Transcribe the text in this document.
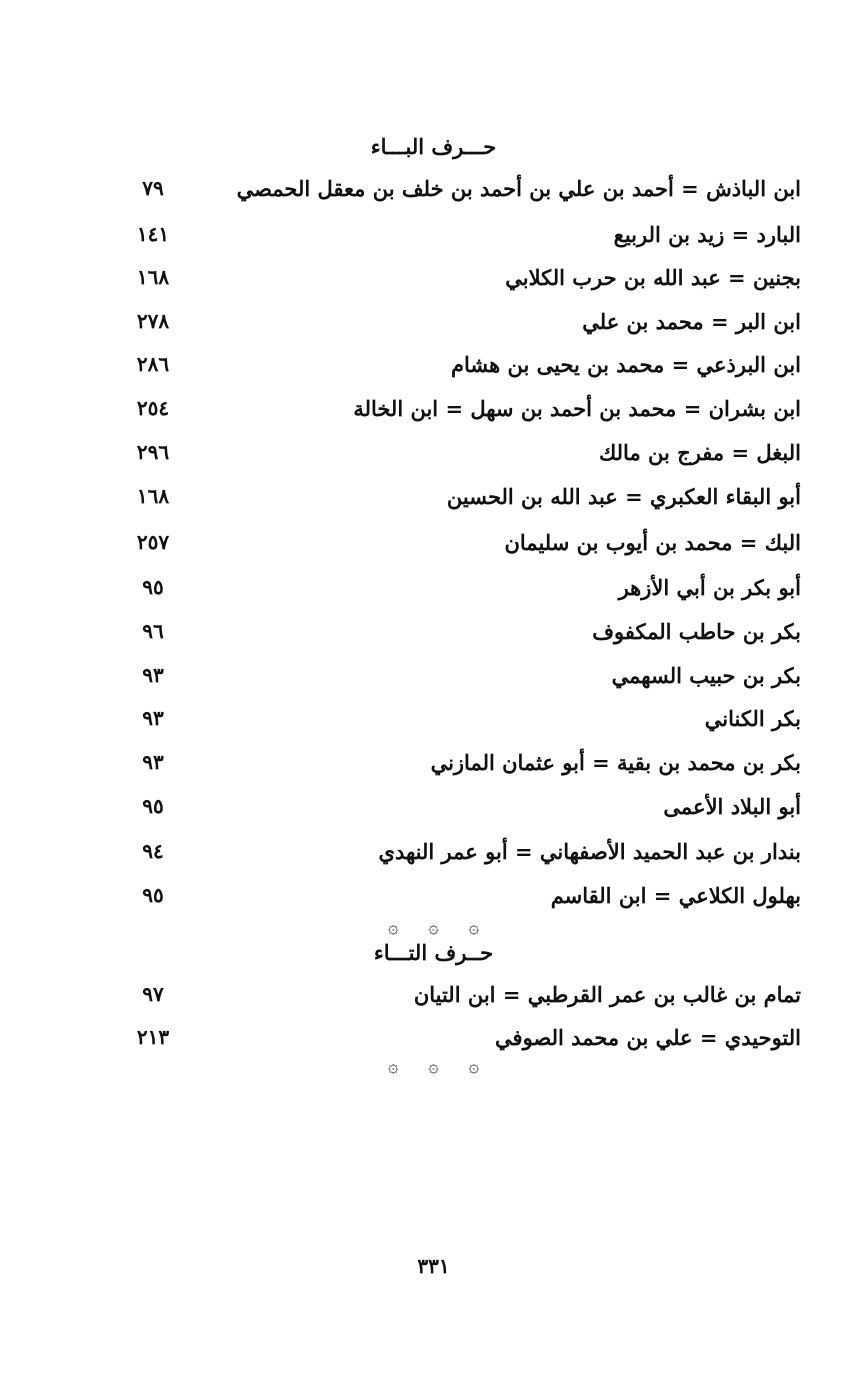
حـــرف البـــاء
ابن الباذش = أحمد بن علي بن أحمد بن خلف بن معقل الحمصي
٧٩
البارد = زيد بن الربيع
١٤١
بجنين = عبد الله بن حرب الكلابي
١٦٨
ابن البر = محمد بن علي
٢٧٨
ابن البرذعي = محمد بن يحيى بن هشام
٢٨٦
ابن بشران = محمد بن أحمد بن سهل = ابن الخالة
٢٥٤
البغل = مفرج بن مالك
٢٩٦
أبو البقاء العكبري = عبد الله بن الحسين
١٦٨
البك = محمد بن أيوب بن سليمان
٢٥٧
أبو بكر بن أبي الأزهر
٩٥
بكر بن حاطب المكفوف
٩٦
بكر بن حبيب السهمي
٩٣
بكر الكناني
٩٣
بكر بن محمد بن بقية = أبو عثمان المازني
٩٣
أبو البلاد الأعمى
٩٥
بندار بن عبد الحميد الأصفهاني = أبو عمر النهدي
٩٤
بهلول الكلاعي = ابن القاسم
٩٥
۞ ۞ ۞
حــرف التـــاء
تمام بن غالب بن عمر القرطبي = ابن التيان
٩٧
التوحيدي = علي بن محمد الصوفي
٢١٣
۞ ۞ ۞
٣٣١
